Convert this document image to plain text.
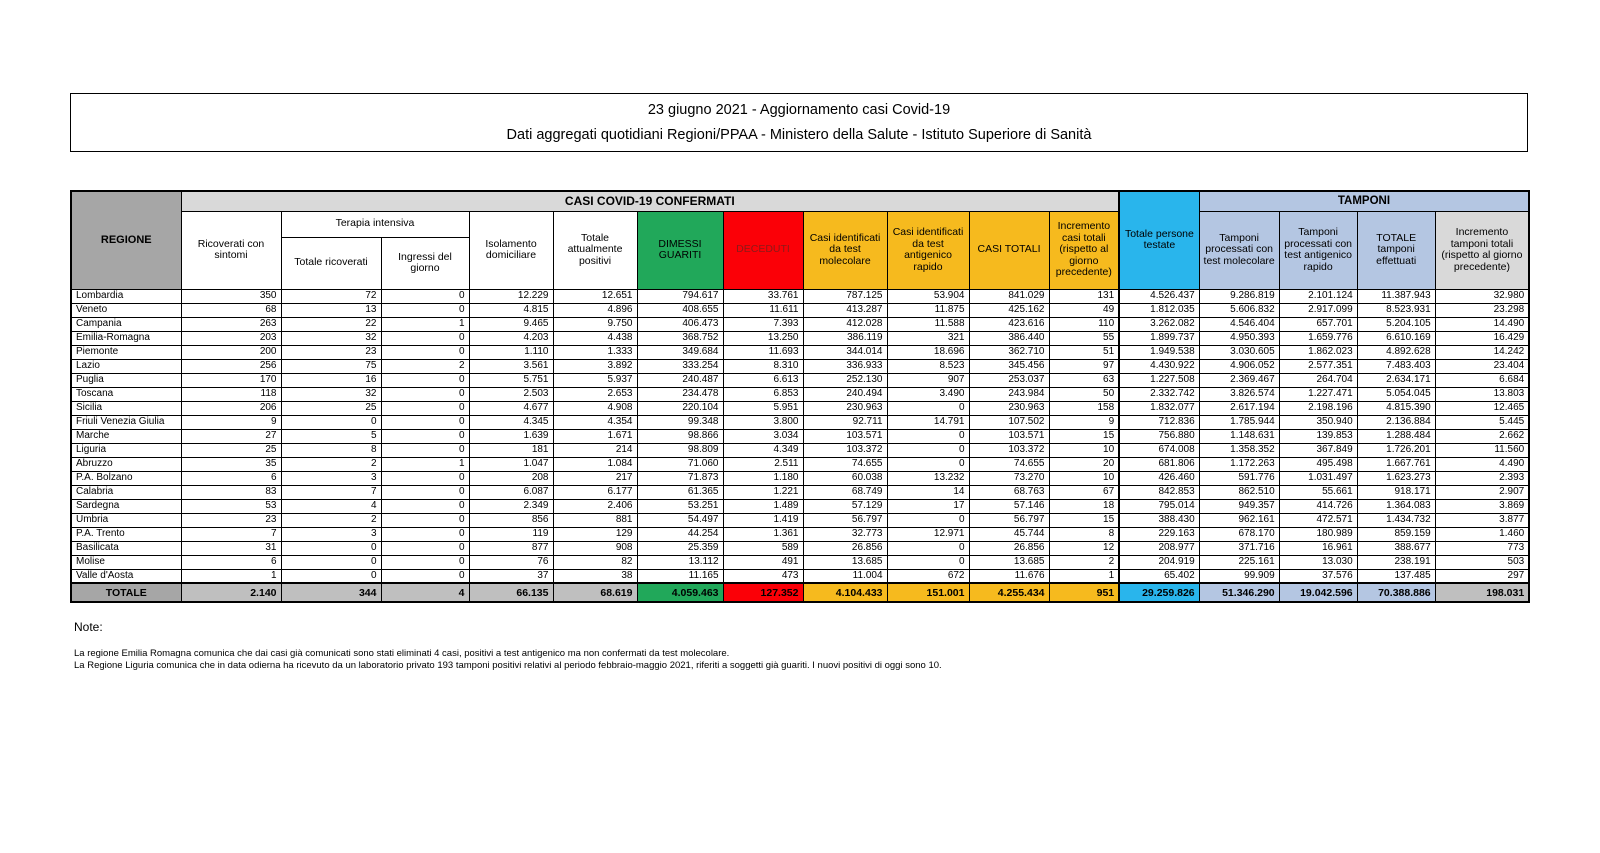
23 giugno 2021 - Aggiornamento casi Covid-19
Dati aggregati quotidiani Regioni/PPAA - Ministero della Salute - Istituto Superiore di Sanità
REGIONE	CASI COVID-19 CONFERMATI											Totale persone testate	TAMPONI			
	Ricoverati con sintomi	Terapia intensiva		Isolamento domiciliare	Totale attualmente positivi	DIMESSI GUARITI	DECEDUTI	Casi identificati da test molecolare	Casi identificati da test antigenico rapido	CASI TOTALI	Incremento casi totali (rispetto al giorno precedente)		Tamponi processati con test molecolare	Tamponi processati con test antigenico rapido	TOTALE tamponi effettuati	Incremento tamponi totali (rispetto al giorno precedente)
		Totale ricoverati	Ingressi del giorno													
Lombardia	350	72	0	12.229	12.651	794.617	33.761	787.125	53.904	841.029	131	4.526.437	9.286.819	2.101.124	11.387.943	32.980
Veneto	68	13	0	4.815	4.896	408.655	11.611	413.287	11.875	425.162	49	1.812.035	5.606.832	2.917.099	8.523.931	23.298
Campania	263	22	1	9.465	9.750	406.473	7.393	412.028	11.588	423.616	110	3.262.082	4.546.404	657.701	5.204.105	14.490
Emilia-Romagna	203	32	0	4.203	4.438	368.752	13.250	386.119	321	386.440	55	1.899.737	4.950.393	1.659.776	6.610.169	16.429
Piemonte	200	23	0	1.110	1.333	349.684	11.693	344.014	18.696	362.710	51	1.949.538	3.030.605	1.862.023	4.892.628	14.242
Lazio	256	75	2	3.561	3.892	333.254	8.310	336.933	8.523	345.456	97	4.430.922	4.906.052	2.577.351	7.483.403	23.404
Puglia	170	16	0	5.751	5.937	240.487	6.613	252.130	907	253.037	63	1.227.508	2.369.467	264.704	2.634.171	6.684
Toscana	118	32	0	2.503	2.653	234.478	6.853	240.494	3.490	243.984	50	2.332.742	3.826.574	1.227.471	5.054.045	13.803
Sicilia	206	25	0	4.677	4.908	220.104	5.951	230.963	0	230.963	158	1.832.077	2.617.194	2.198.196	4.815.390	12.465
Friuli Venezia Giulia	9	0	0	4.345	4.354	99.348	3.800	92.711	14.791	107.502	9	712.836	1.785.944	350.940	2.136.884	5.445
Marche	27	5	0	1.639	1.671	98.866	3.034	103.571	0	103.571	15	756.880	1.148.631	139.853	1.288.484	2.662
Liguria	25	8	0	181	214	98.809	4.349	103.372	0	103.372	10	674.008	1.358.352	367.849	1.726.201	11.560
Abruzzo	35	2	1	1.047	1.084	71.060	2.511	74.655	0	74.655	20	681.806	1.172.263	495.498	1.667.761	4.490
P.A. Bolzano	6	3	0	208	217	71.873	1.180	60.038	13.232	73.270	10	426.460	591.776	1.031.497	1.623.273	2.393
Calabria	83	7	0	6.087	6.177	61.365	1.221	68.749	14	68.763	67	842.853	862.510	55.661	918.171	2.907
Sardegna	53	4	0	2.349	2.406	53.251	1.489	57.129	17	57.146	18	795.014	949.357	414.726	1.364.083	3.869
Umbria	23	2	0	856	881	54.497	1.419	56.797	0	56.797	15	388.430	962.161	472.571	1.434.732	3.877
P.A. Trento	7	3	0	119	129	44.254	1.361	32.773	12.971	45.744	8	229.163	678.170	180.989	859.159	1.460
Basilicata	31	0	0	877	908	25.359	589	26.856	0	26.856	12	208.977	371.716	16.961	388.677	773
Molise	6	0	0	76	82	13.112	491	13.685	0	13.685	2	204.919	225.161	13.030	238.191	503
Valle d'Aosta	1	0	0	37	38	11.165	473	11.004	672	11.676	1	65.402	99.909	37.576	137.485	297
TOTALE	2.140	344	4	66.135	68.619	4.059.463	127.352	4.104.433	151.001	4.255.434	951	29.259.826	51.346.290	19.042.596	70.388.886	198.031
Note:
La regione Emilia Romagna comunica che dai casi già comunicati sono stati eliminati 4 casi, positivi a test antigenico ma non confermati da test molecolare.
La Regione Liguria comunica che in data odierna ha ricevuto da un laboratorio privato 193 tamponi positivi relativi al periodo febbraio-maggio 2021, riferiti a soggetti già guariti. I nuovi positivi di oggi sono 10.
